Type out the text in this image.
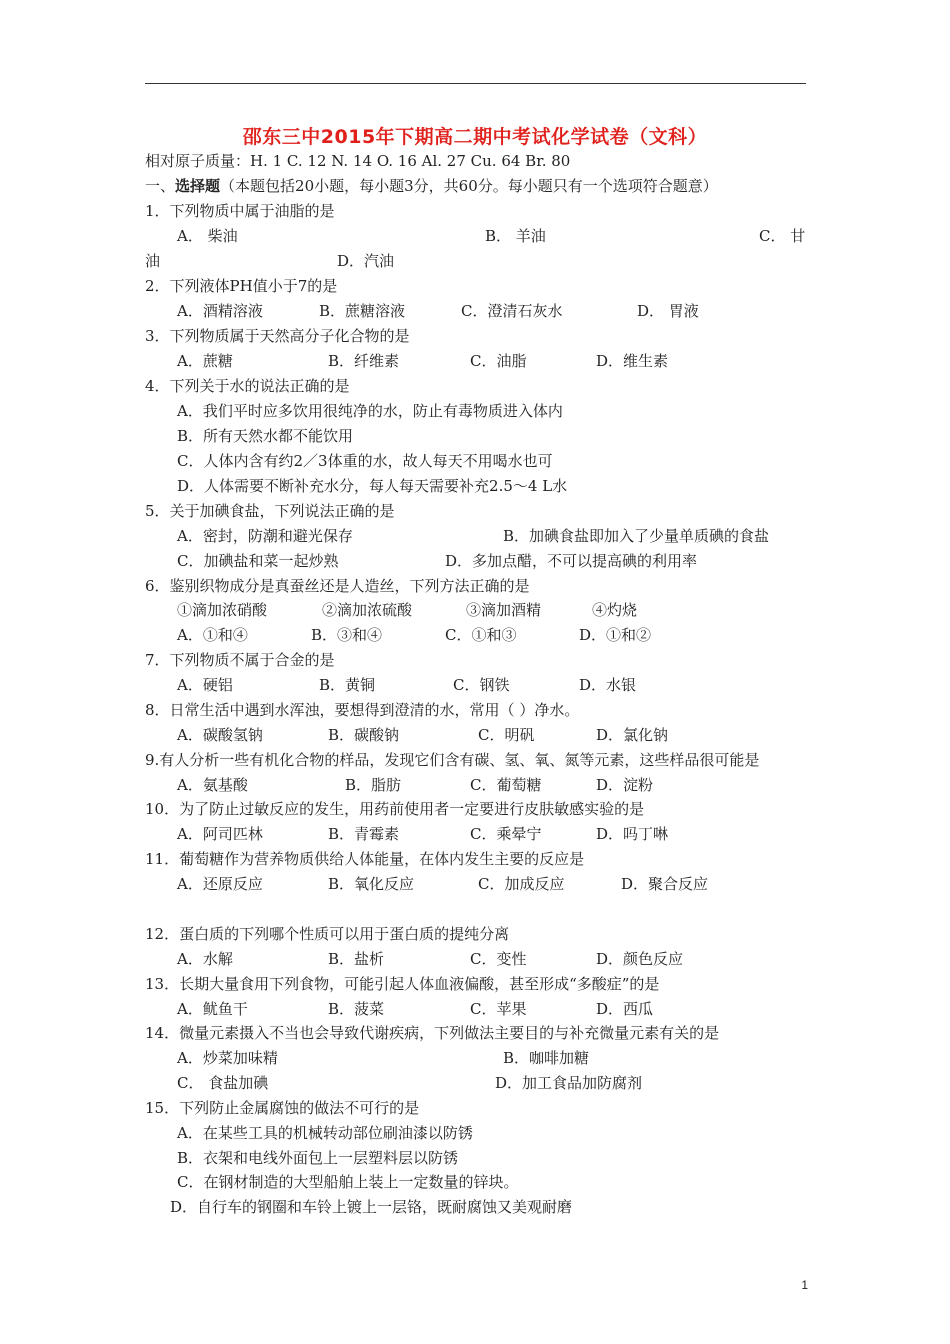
邵东三中2015年下期高二期中考试化学试卷（文科）
相对原子质量：H. 1 C. 12 N. 14 O. 16 Al. 27 Cu. 64 Br. 80
一、选择题（本题包括20小题，每小题3分，共60分。每小题只有一个选项符合题意）
1．下列物质中属于油脂的是
A． 柴油	B． 羊油	C． 甘
油	D．汽油
2．下列液体PH值小于7的是
A．酒精溶液	B．蔗糖溶液	C．澄清石灰水	D． 胃液
3．下列物质属于天然高分子化合物的是
A．蔗糖	B．纤维素	C．油脂	D．维生素
4．下列关于水的说法正确的是
A．我们平时应多饮用很纯净的水，防止有毒物质进入体内
B．所有天然水都不能饮用
C．人体内含有约2／3体重的水，故人每天不用喝水也可
D．人体需要不断补充水分，每人每天需要补充2.5～4 L水
5．关于加碘食盐，下列说法正确的是
A．密封，防潮和避光保存	B．加碘食盐即加入了少量单质碘的食盐
C．加碘盐和菜一起炒熟	D．多加点醋，不可以提高碘的利用率
6．鉴别织物成分是真蚕丝还是人造丝，下列方法正确的是
①滴加浓硝酸	②滴加浓硫酸	③滴加酒精	④灼烧
A．①和④	B．③和④	C．①和③	D．①和②
7．下列物质不属于合金的是
A．硬铝	B．黄铜	C．钢铁	D．水银
8．日常生活中遇到水浑浊，要想得到澄清的水，常用（ ）净水。
A．碳酸氢钠	B．碳酸钠	C．明矾	D．氯化钠
9.有人分析一些有机化合物的样品，发现它们含有碳、氢、氧、氮等元素，这些样品很可能是
A．氨基酸	B．脂肪	C．葡萄糖	D．淀粉
10．为了防止过敏反应的发生，用药前使用者一定要进行皮肤敏感实验的是
A．阿司匹林	B．青霉素	C．乘晕宁	D．吗丁啉
11．葡萄糖作为营养物质供给人体能量，在体内发生主要的反应是
A．还原反应	B．氧化反应	C．加成反应	D．聚合反应
12．蛋白质的下列哪个性质可以用于蛋白质的提纯分离
A．水解	B．盐析	C．变性	D．颜色反应
13．长期大量食用下列食物，可能引起人体血液偏酸，甚至形成“多酸症”的是
A．鱿鱼干	B．菠菜	C．苹果	D．西瓜
14．微量元素摄入不当也会导致代谢疾病，下列做法主要目的与补充微量元素有关的是
A．炒菜加味精	B．咖啡加糖
C． 食盐加碘	D．加工食品加防腐剂
15．下列防止金属腐蚀的做法不可行的是
A．在某些工具的机械转动部位刷油漆以防锈
B．衣架和电线外面包上一层塑料层以防锈
C．在钢材制造的大型船舶上装上一定数量的锌块。
D．自行车的钢圈和车铃上镀上一层铬，既耐腐蚀又美观耐磨
1
